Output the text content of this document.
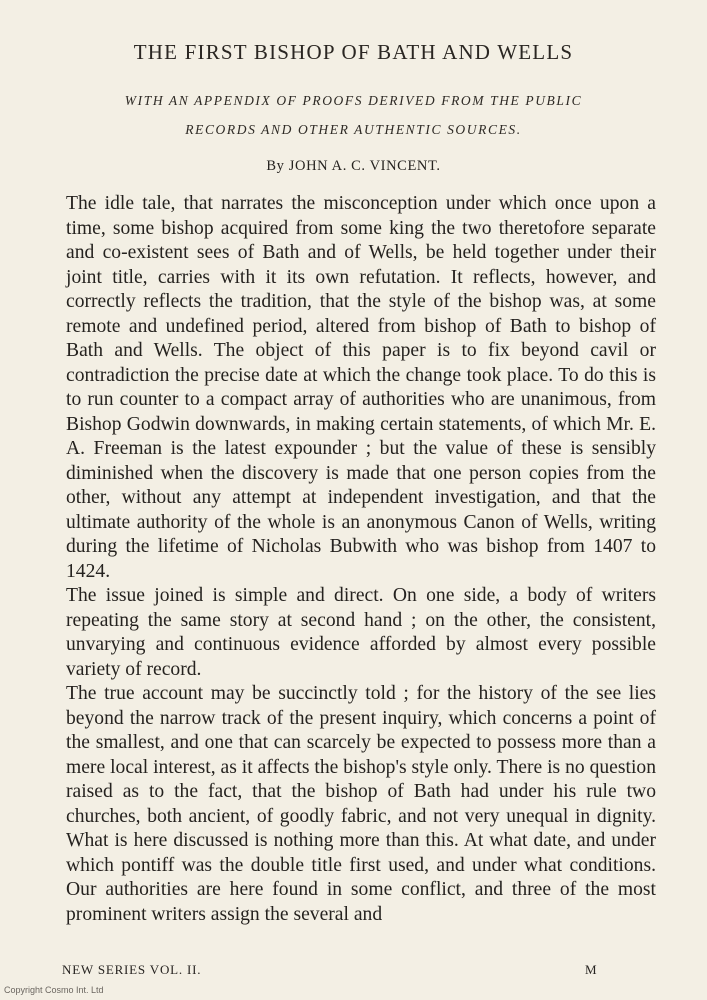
THE FIRST BISHOP OF BATH AND WELLS
WITH AN APPENDIX OF PROOFS DERIVED FROM THE PUBLIC
RECORDS AND OTHER AUTHENTIC SOURCES.
By JOHN A. C. VINCENT.

The idle tale, that narrates the misconception under which once upon a time, some bishop acquired from some king the two theretofore separate and co-existent sees of Bath and of Wells, be held together under their joint title, carries with it its own refutation. It reflects, however, and correctly reflects the tradition, that the style of the bishop was, at some remote and undefined period, altered from bishop of Bath to bishop of Bath and Wells. The object of this paper is to fix beyond cavil or contradiction the precise date at which the change took place. To do this is to run counter to a compact array of authorities who are unanimous, from Bishop Godwin downwards, in making certain statements, of which Mr. E. A. Freeman is the latest expounder ; but the value of these is sensibly diminished when the discovery is made that one person copies from the other, without any attempt at independent investigation, and that the ultimate authority of the whole is an anonymous Canon of Wells, writing during the lifetime of Nicholas Bubwith who was bishop from 1407 to 1424.

The issue joined is simple and direct. On one side, a body of writers repeating the same story at second hand ; on the other, the consistent, unvarying and continuous evidence afforded by almost every possible variety of record.

The true account may be succinctly told ; for the history of the see lies beyond the narrow track of the present inquiry, which concerns a point of the smallest, and one that can scarcely be expected to possess more than a mere local interest, as it affects the bishop's style only. There is no question raised as to the fact, that the bishop of Bath had under his rule two churches, both ancient, of goodly fabric, and not very unequal in dignity. What is here discussed is nothing more than this. At what date, and under which pontiff was the double title first used, and under what conditions. Our authorities are here found in some conflict, and three of the most prominent writers assign the several and

NEW SERIES VOL. II.	M
Copyright Cosmo Int. Ltd
